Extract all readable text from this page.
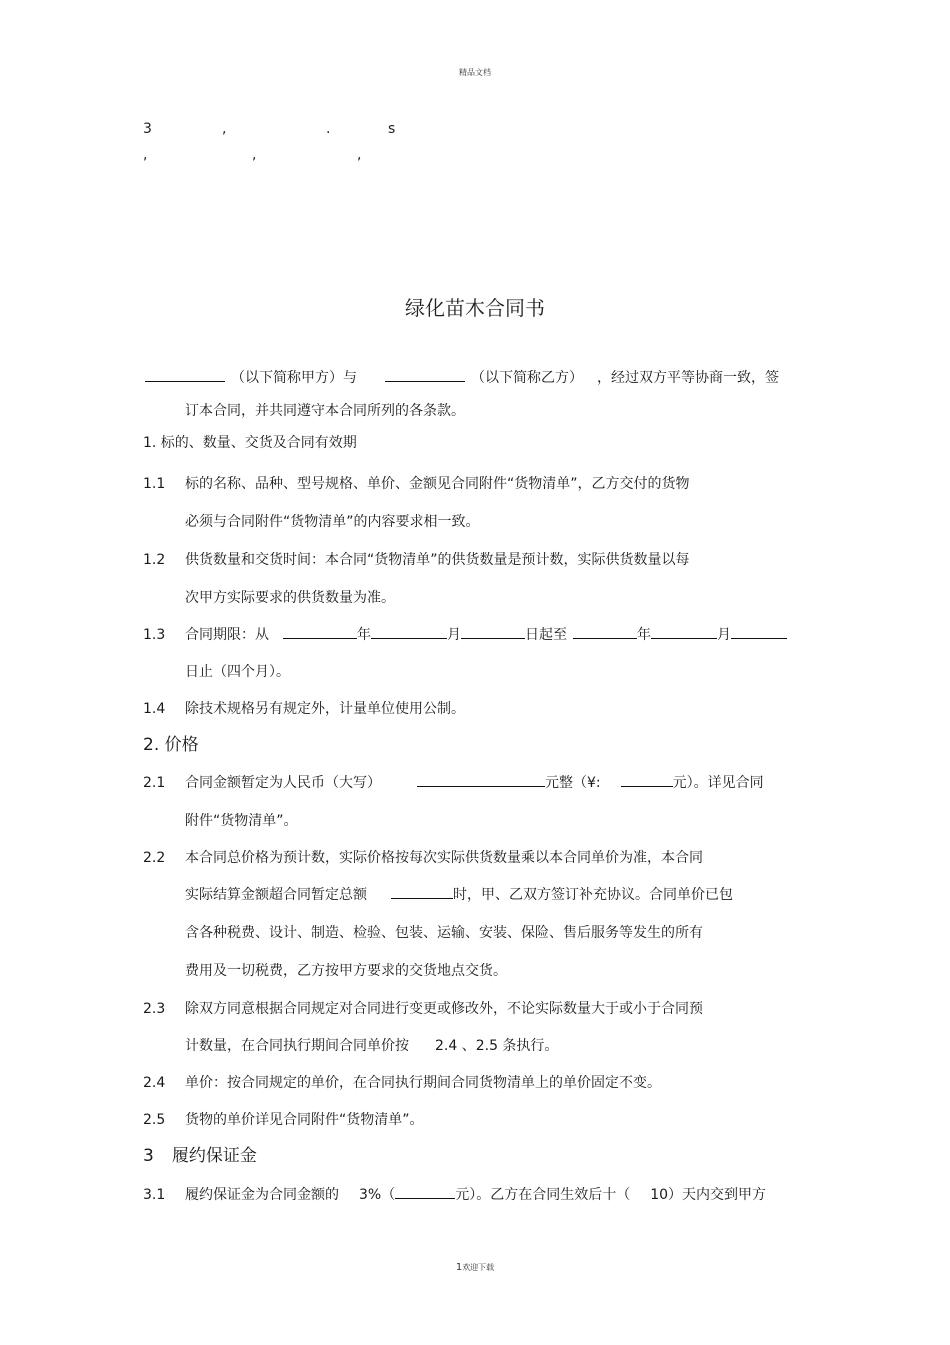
精品文档
3	,	.	s
,	,	,
绿化苗木合同书
（以下简称甲方）与	（以下简称乙方） ，经过双方平等协商一致，签
订本合同，并共同遵守本合同所列的各条款。
1. 标的、数量、交货及合同有效期
1.1 标的名称、品种、型号规格、单价、金额见合同附件“货物清单”，乙方交付的货物
必须与合同附件“货物清单”的内容要求相一致。
1.2 供货数量和交货时间：本合同“货物清单”的供货数量是预计数，实际供货数量以每
次甲方实际要求的供货数量为准。
1.3 合同期限：从	年	月	日起至	年	月
日止（四个月）。
1.4 除技术规格另有规定外，计量单位使用公制。
2. 价格
2.1 合同金额暂定为人民币（大写）	元整（¥:	元）。详见合同
附件“货物清单”。
2.2 本合同总价格为预计数，实际价格按每次实际供货数量乘以本合同单价为准，本合同
实际结算金额超合同暂定总额	时，甲、乙双方签订补充协议。合同单价已包
含各种税费、设计、制造、检验、包装、运输、安装、保险、售后服务等发生的所有
费用及一切税费，乙方按甲方要求的交货地点交货。
2.3 除双方同意根据合同规定对合同进行变更或修改外，不论实际数量大于或小于合同预
计数量，在合同执行期间合同单价按 2.4 、2.5 条执行。
2.4 单价：按合同规定的单价，在合同执行期间合同货物清单上的单价固定不变。
2.5 货物的单价详见合同附件“货物清单”。
3 履约保证金
3.1 履约保证金为合同金额的 3%（	元）。乙方在合同生效后十（ 10）天内交到甲方
1欢迎下载
